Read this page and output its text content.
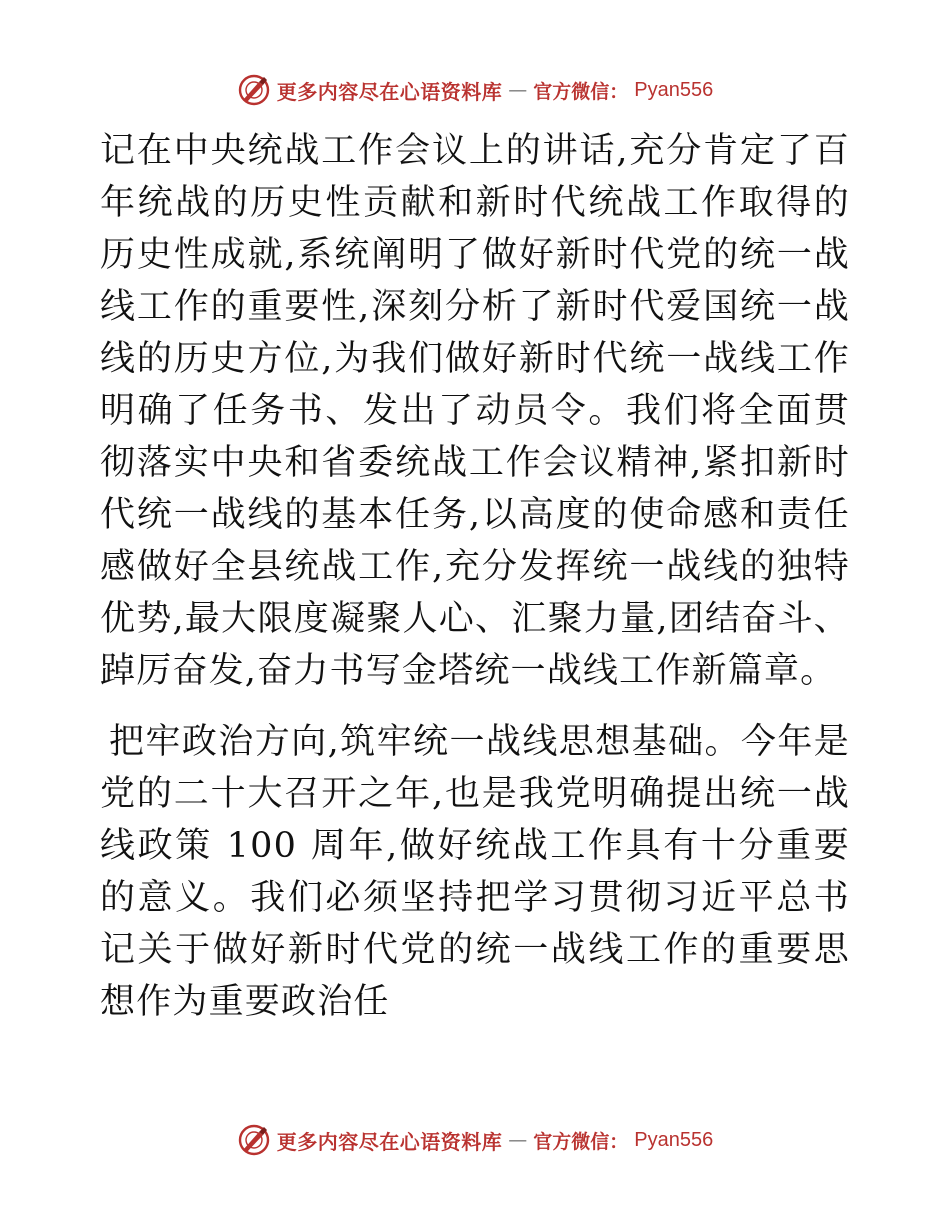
更多内容尽在心语资料库 — 官方微信： Pyan556

记在中央统战工作会议上的讲话,充分肯定了百年统战的历史性贡献和新时代统战工作取得的历史性成就,系统阐明了做好新时代党的统一战线工作的重要性,深刻分析了新时代爱国统一战线的历史方位,为我们做好新时代统一战线工作明确了任务书、发出了动员令。我们将全面贯彻落实中央和省委统战工作会议精神,紧扣新时代统一战线的基本任务,以高度的使命感和责任感做好全县统战工作,充分发挥统一战线的独特优势,最大限度凝聚人心、汇聚力量,团结奋斗、踔厉奋发,奋力书写金塔统一战线工作新篇章。

把牢政治方向,筑牢统一战线思想基础。今年是党的二十大召开之年,也是我党明确提出统一战线政策 100 周年,做好统战工作具有十分重要的意义。我们必须坚持把学习贯彻习近平总书记关于做好新时代党的统一战线工作的重要思想作为重要政治任

更多内容尽在心语资料库 — 官方微信： Pyan556
